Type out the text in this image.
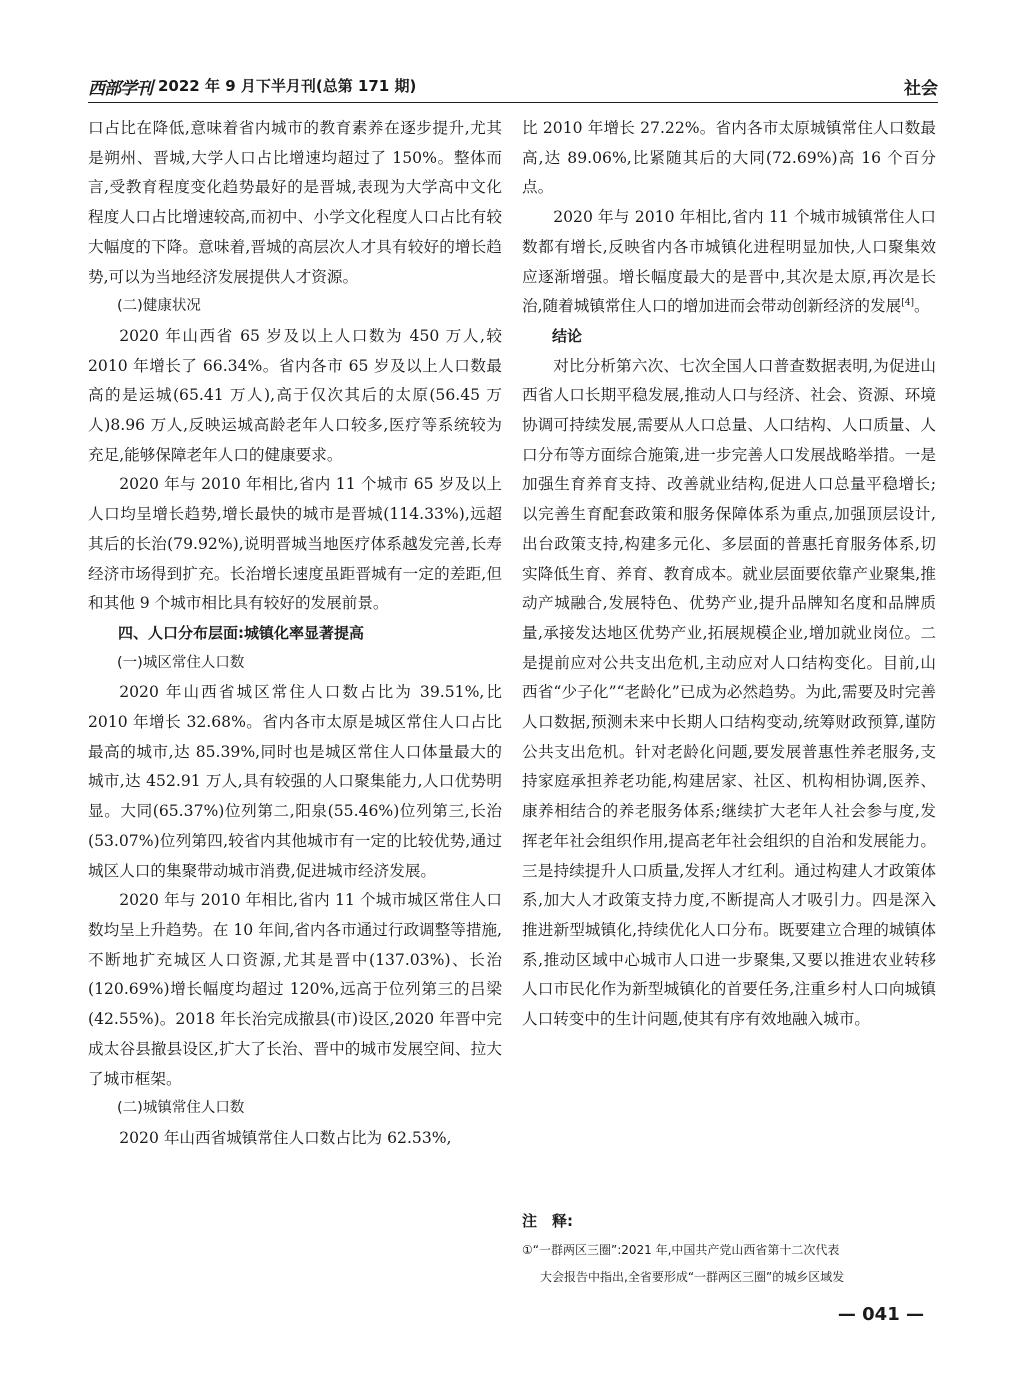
西部学刊 2022 年 9 月下半月刊(总第 171 期)	社会

口占比在降低,意味着省内城市的教育素养在逐步提升,尤其是朔州、晋城,大学人口占比增速均超过了 150%。整体而言,受教育程度变化趋势最好的是晋城,表现为大学高中文化程度人口占比增速较高,而初中、小学文化程度人口占比有较大幅度的下降。意味着,晋城的高层次人才具有较好的增长趋势,可以为当地经济发展提供人才资源。

(二)健康状况

2020 年山西省 65 岁及以上人口数为 450 万人,较 2010 年增长了 66.34%。省内各市 65 岁及以上人口数最高的是运城(65.41 万人),高于仅次其后的太原(56.45 万人)8.96 万人,反映运城高龄老年人口较多,医疗等系统较为充足,能够保障老年人口的健康要求。

2020 年与 2010 年相比,省内 11 个城市 65 岁及以上人口均呈增长趋势,增长最快的城市是晋城(114.33%),远超其后的长治(79.92%),说明晋城当地医疗体系越发完善,长寿经济市场得到扩充。长治增长速度虽距晋城有一定的差距,但和其他 9 个城市相比具有较好的发展前景。

四、人口分布层面:城镇化率显著提高

(一)城区常住人口数

2020 年山西省城区常住人口数占比为 39.51%,比 2010 年增长 32.68%。省内各市太原是城区常住人口占比最高的城市,达 85.39%,同时也是城区常住人口体量最大的城市,达 452.91 万人,具有较强的人口聚集能力,人口优势明显。大同(65.37%)位列第二,阳泉(55.46%)位列第三,长治(53.07%)位列第四,较省内其他城市有一定的比较优势,通过城区人口的集聚带动城市消费,促进城市经济发展。

2020 年与 2010 年相比,省内 11 个城市城区常住人口数均呈上升趋势。在 10 年间,省内各市通过行政调整等措施,不断地扩充城区人口资源,尤其是晋中(137.03%)、长治(120.69%)增长幅度均超过 120%,远高于位列第三的吕梁(42.55%)。2018 年长治完成撤县(市)设区,2020 年晋中完成太谷县撤县设区,扩大了长治、晋中的城市发展空间、拉大了城市框架。

(二)城镇常住人口数

2020 年山西省城镇常住人口数占比为 62.53%,

比 2010 年增长 27.22%。省内各市太原城镇常住人口数最高,达 89.06%,比紧随其后的大同(72.69%)高 16 个百分点。

2020 年与 2010 年相比,省内 11 个城市城镇常住人口数都有增长,反映省内各市城镇化进程明显加快,人口聚集效应逐渐增强。增长幅度最大的是晋中,其次是太原,再次是长治,随着城镇常住人口的增加进而会带动创新经济的发展[4]。

结论

对比分析第六次、七次全国人口普查数据表明,为促进山西省人口长期平稳发展,推动人口与经济、社会、资源、环境协调可持续发展,需要从人口总量、人口结构、人口质量、人口分布等方面综合施策,进一步完善人口发展战略举措。一是加强生育养育支持、改善就业结构,促进人口总量平稳增长;以完善生育配套政策和服务保障体系为重点,加强顶层设计,出台政策支持,构建多元化、多层面的普惠托育服务体系,切实降低生育、养育、教育成本。就业层面要依靠产业聚集,推动产城融合,发展特色、优势产业,提升品牌知名度和品牌质量,承接发达地区优势产业,拓展规模企业,增加就业岗位。二是提前应对公共支出危机,主动应对人口结构变化。目前,山西省“少子化”“老龄化”已成为必然趋势。为此,需要及时完善人口数据,预测未来中长期人口结构变动,统筹财政预算,谨防公共支出危机。针对老龄化问题,要发展普惠性养老服务,支持家庭承担养老功能,构建居家、社区、机构相协调,医养、康养相结合的养老服务体系;继续扩大老年人社会参与度,发挥老年社会组织作用,提高老年社会组织的自治和发展能力。三是持续提升人口质量,发挥人才红利。通过构建人才政策体系,加大人才政策支持力度,不断提高人才吸引力。四是深入推进新型城镇化,持续优化人口分布。既要建立合理的城镇体系,推动区域中心城市人口进一步聚集,又要以推进农业转移人口市民化作为新型城镇化的首要任务,注重乡村人口向城镇人口转变中的生计问题,使其有序有效地融入城市。

注　释:

①“一群两区三圈”:2021 年,中国共产党山西省第十二次代表
大会报告中指出,全省要形成“一群两区三圈”的城乡区域发

— 041 —
